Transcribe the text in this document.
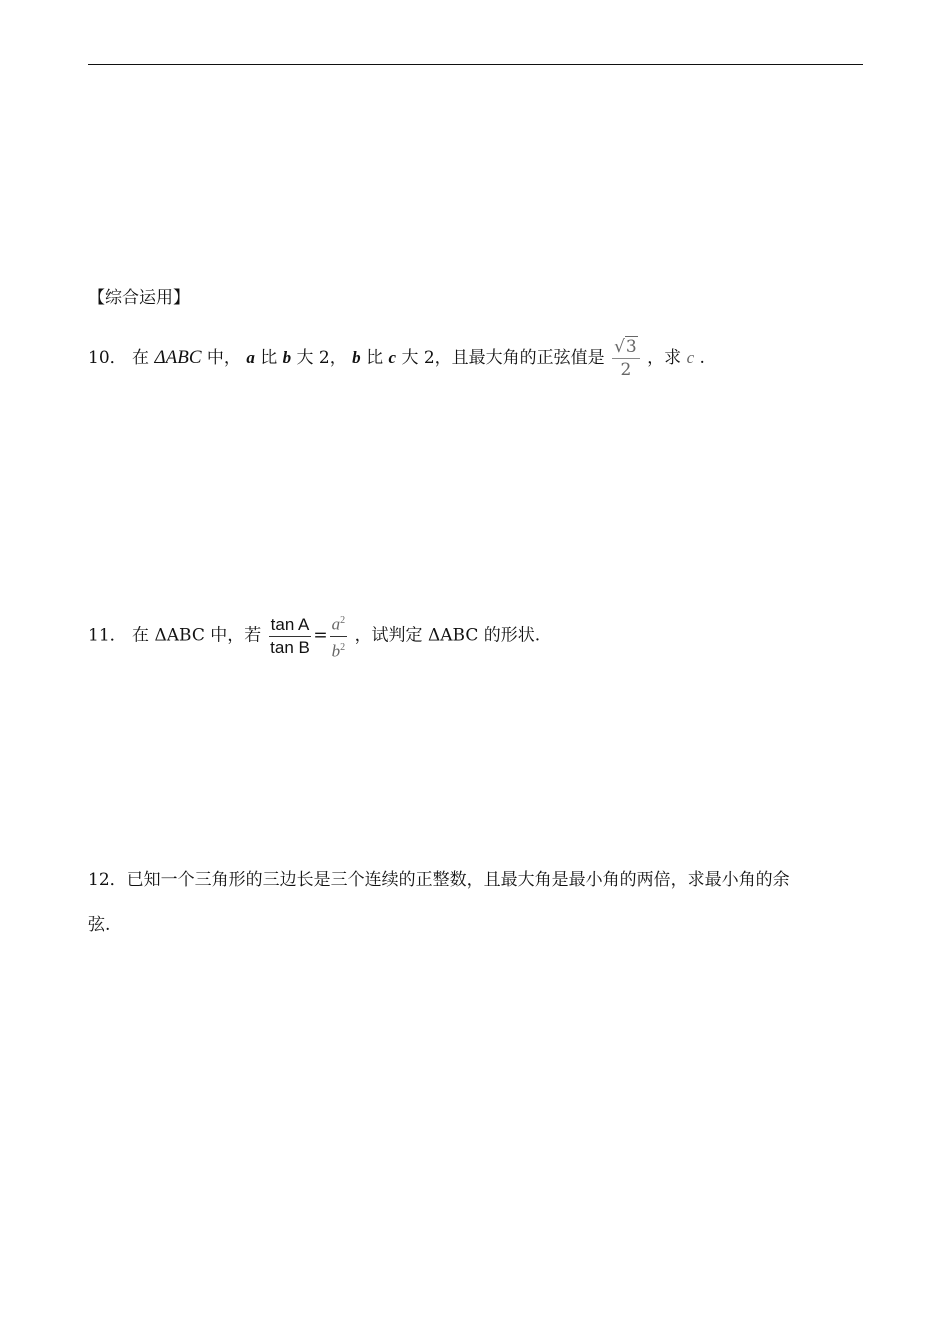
【综合运用】
10． 在 ΔABC 中， a 比 b 大 2， b 比 c 大 2，且最大角的正弦值是 $\frac{√3}{2}$ ，求 c .
11． 在 ΔABC 中，若 $\frac{\text{tan A}}{\text{tan B}} = \frac{a^2}{b^2}$ ，试判定 ΔABC 的形状.
12．已知一个三角形的三边长是三个连续的正整数，且最大角是最小角的两倍，求最小角的余
弦.
